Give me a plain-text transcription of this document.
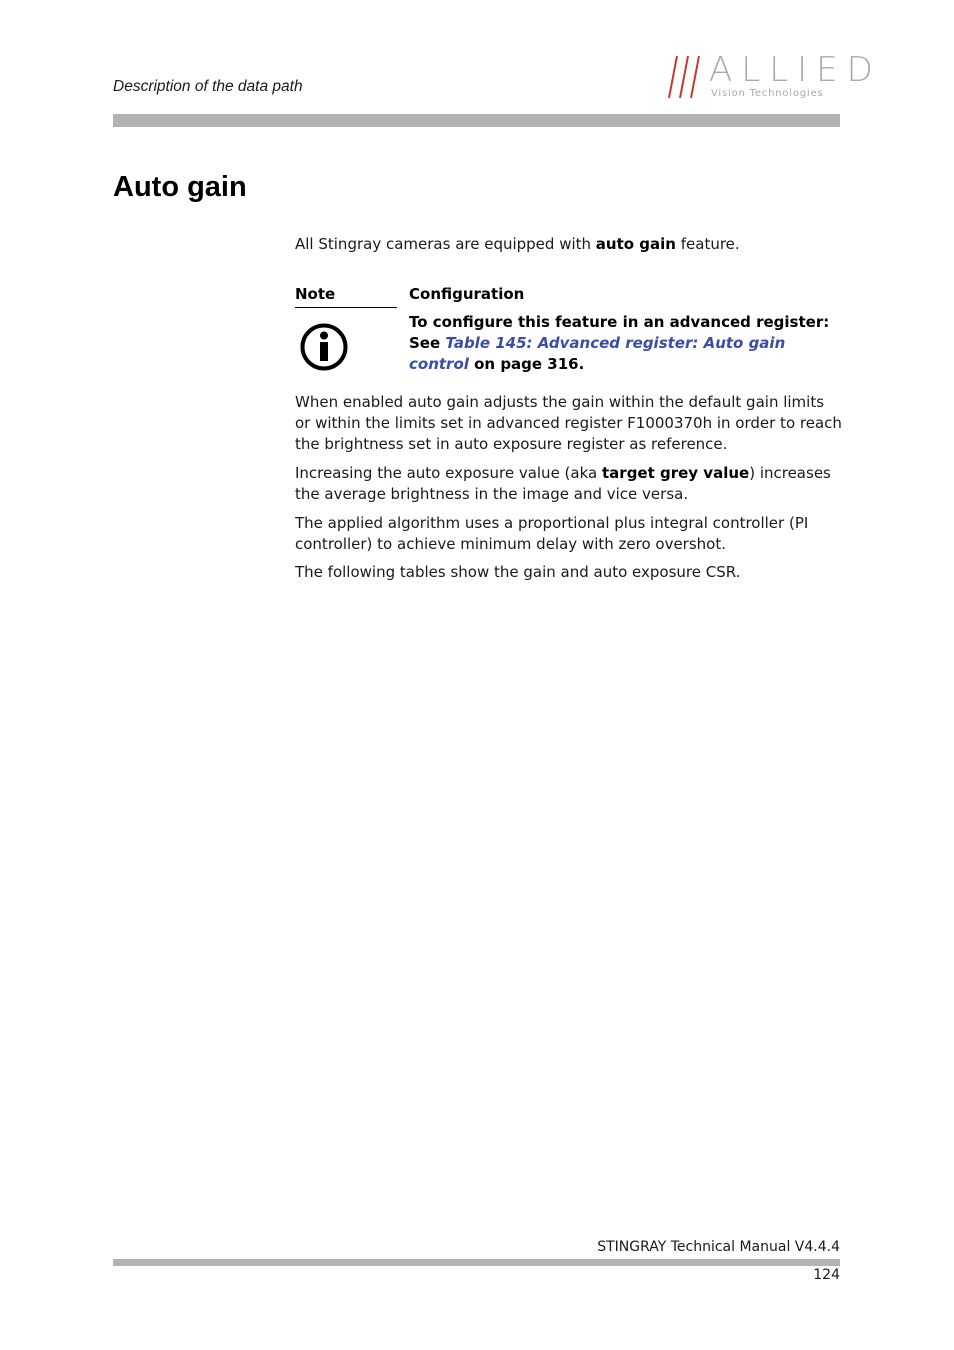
Description of the data path	ALLIED
Vision Technologies
Auto gain

All Stingray cameras are equipped with auto gain feature.

Note	Configuration
To configure this feature in an advanced register: See Table 145: Advanced register: Auto gain control on page 316.

When enabled auto gain adjusts the gain within the default gain limits or within the limits set in advanced register F1000370h in order to reach the brightness set in auto exposure register as reference.

Increasing the auto exposure value (aka target grey value) increases the average brightness in the image and vice versa.

The applied algorithm uses a proportional plus integral controller (PI controller) to achieve minimum delay with zero overshot.

The following tables show the gain and auto exposure CSR.

STINGRAY Technical Manual V4.4.4
124
